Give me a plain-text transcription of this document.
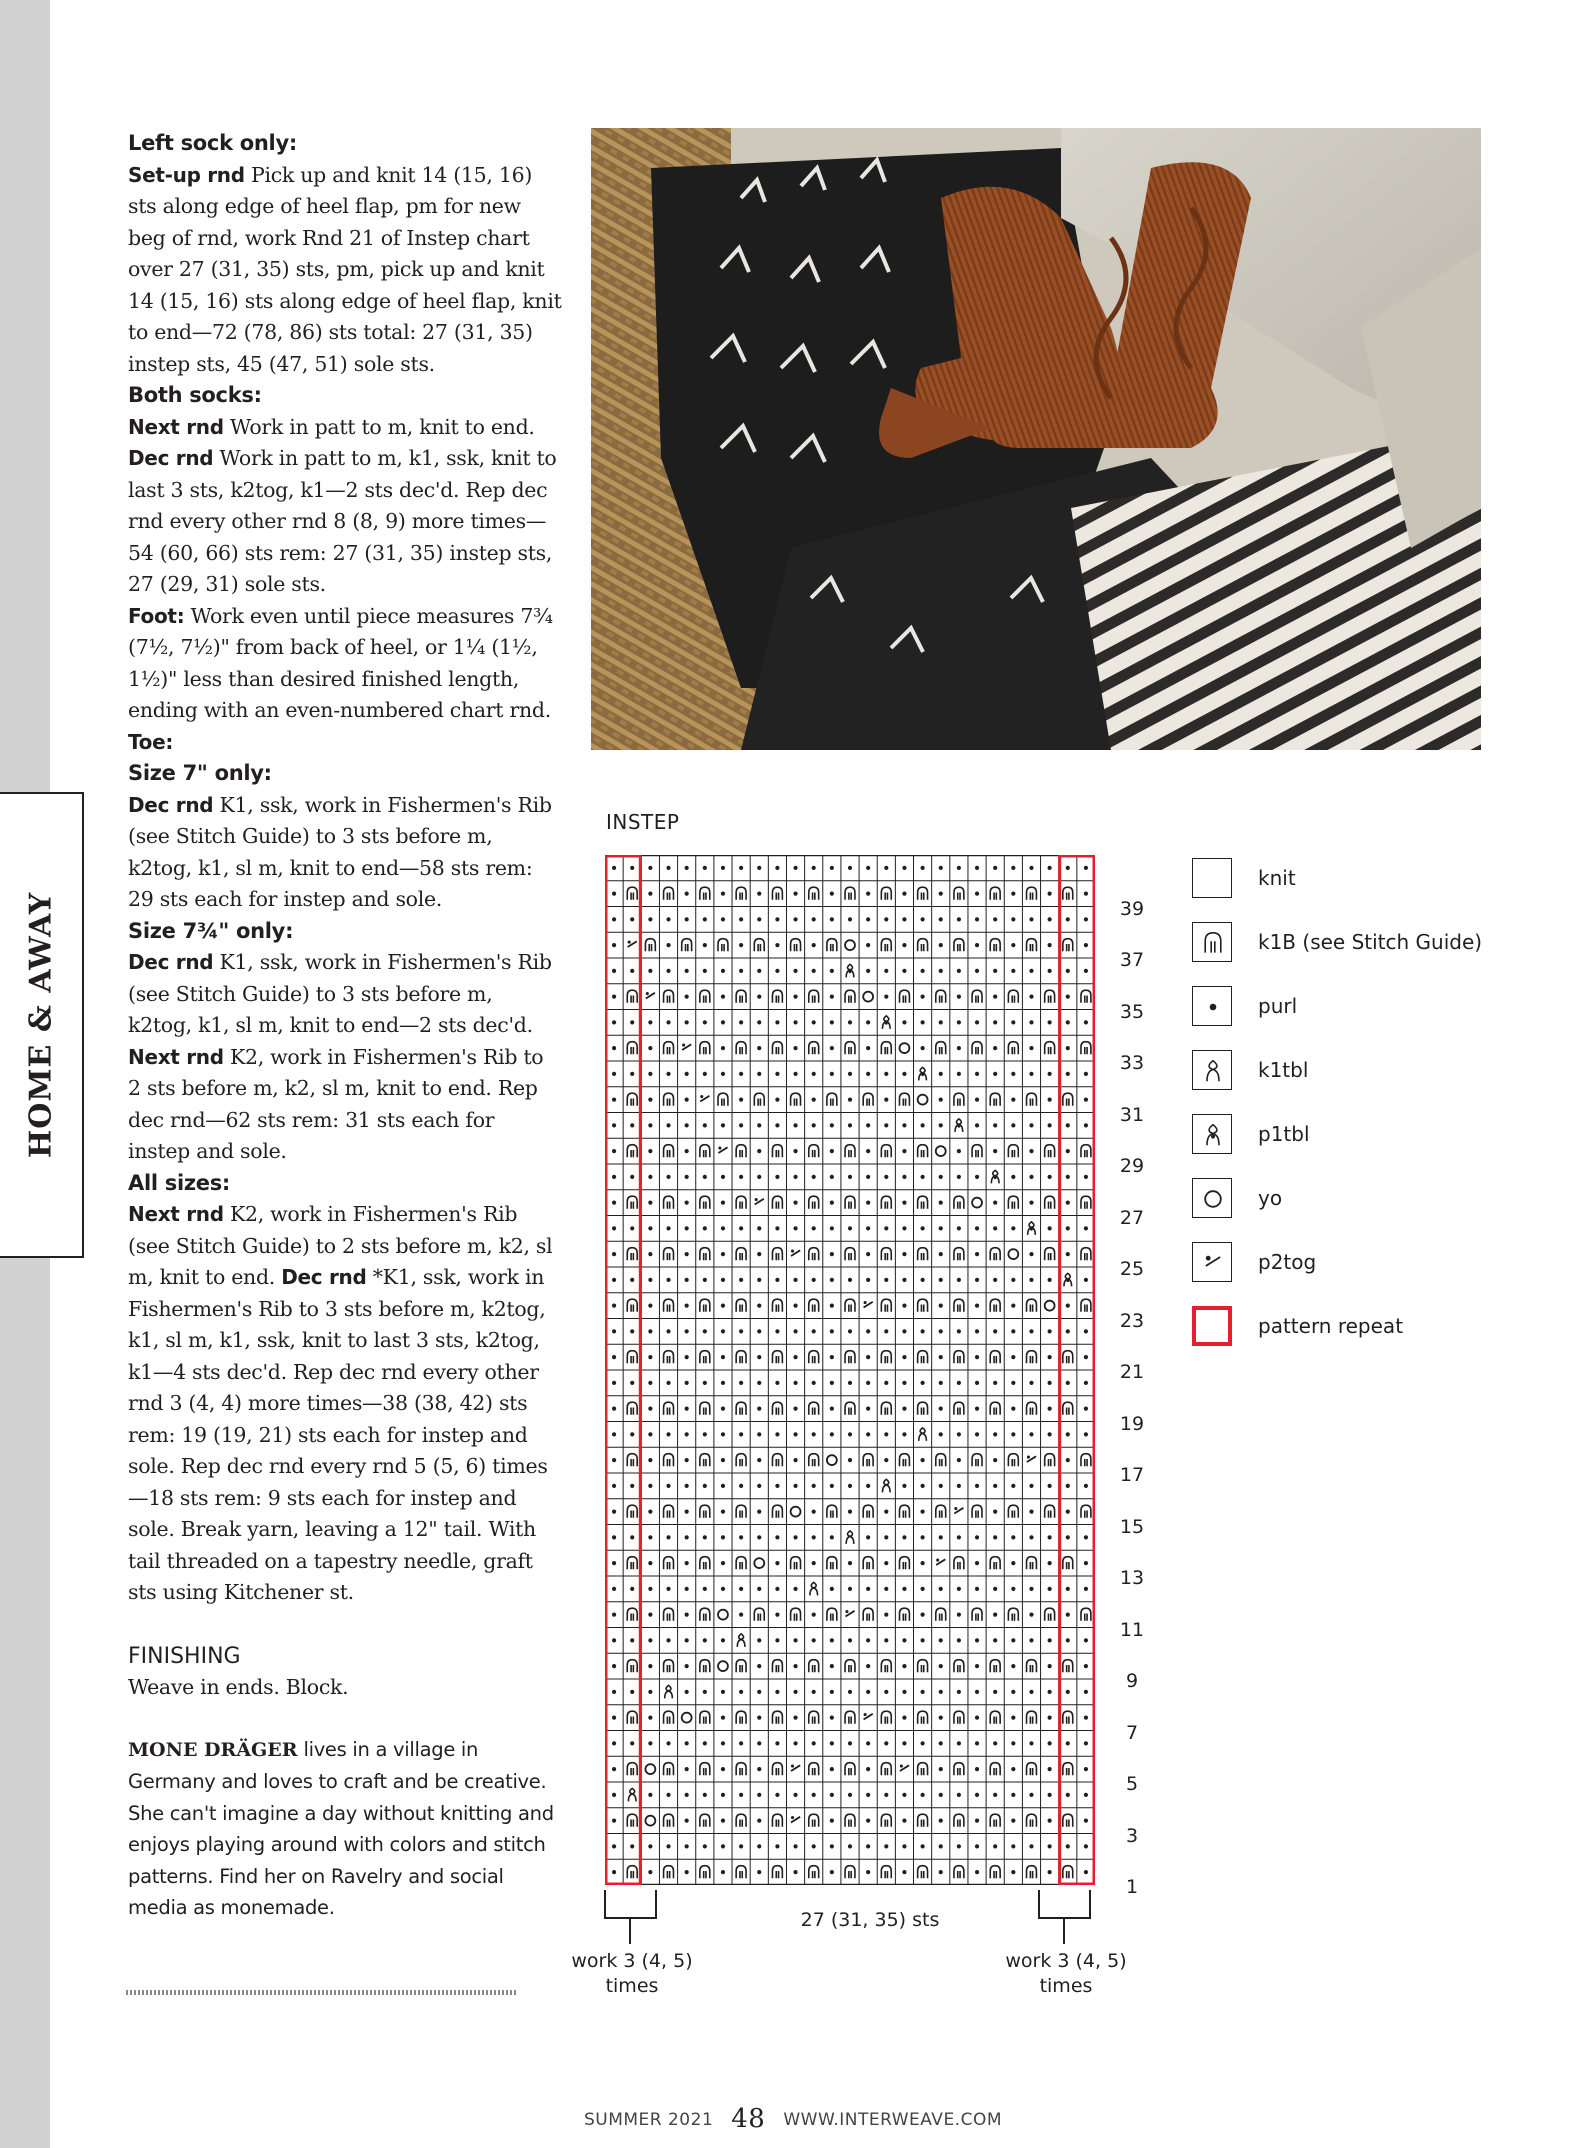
HOME & AWAY

Left sock only:

Set-up rnd Pick up and knit 14 (15, 16) sts along edge of heel flap, pm for new beg of rnd, work Rnd 21 of Instep chart over 27 (31, 35) sts, pm, pick up and knit 14 (15, 16) sts along edge of heel flap, knit to end—72 (78, 86) sts total: 27 (31, 35) instep sts, 45 (47, 51) sole sts.

Both socks:

Next rnd Work in patt to m, knit to end. Dec rnd Work in patt to m, k1, ssk, knit to last 3 sts, k2tog, k1—2 sts dec'd. Rep dec rnd every other rnd 8 (8, 9) more times—54 (60, 66) sts rem: 27 (31, 35) instep sts, 27 (29, 31) sole sts.

Foot: Work even until piece measures 7¾ (7½, 7½)" from back of heel, or 1¼ (1½, 1½)" less than desired finished length, ending with an even-numbered chart rnd. Toe:

Size 7" only:

Dec rnd K1, ssk, work in Fishermen's Rib (see Stitch Guide) to 3 sts before m, k2tog, k1, sl m, knit to end—58 sts rem: 29 sts each for instep and sole.

Size 7¾" only:

Dec rnd K1, ssk, work in Fishermen's Rib (see Stitch Guide) to 3 sts before m, k2tog, k1, sl m, knit to end—2 sts dec'd.

Next rnd K2, work in Fishermen's Rib to 2 sts before m, k2, sl m, knit to end. Rep dec rnd—62 sts rem: 31 sts each for instep and sole.

All sizes:

Next rnd K2, work in Fishermen's Rib (see Stitch Guide) to 2 sts before m, k2, sl m, knit to end. Dec rnd *K1, ssk, work in Fishermen's Rib to 3 sts before m, k2tog, k1, sl m, k1, ssk, knit to last 3 sts, k2tog, k1—4 sts dec'd. Rep dec rnd every other rnd 3 (4, 4) more times—38 (38, 42) sts rem: 19 (19, 21) sts each for instep and sole. Rep dec rnd every rnd 5 (5, 6) times—18 sts rem: 9 sts each for instep and sole. Break yarn, leaving a 12" tail. With tail threaded on a tapestry needle, graft sts using Kitchener st.

FINISHING

Weave in ends. Block.

MONE DRÄGER lives in a village in Germany and loves to craft and be creative. She can't imagine a day without knitting and enjoys playing around with colors and stitch patterns. Find her on Ravelry and social media as monemade.

INSTEP
39
37
35
33
31
29
27
25
23
21
19
17
15
13
11
9
7
5
3
1
27 (31, 35) sts
work 3 (4, 5) times
work 3 (4, 5) times
knit
k1B (see Stitch Guide)
purl
k1tbl
p1tbl
yo
p2tog
pattern repeat
SUMMER 2021 48 WWW.INTERWEAVE.COM
